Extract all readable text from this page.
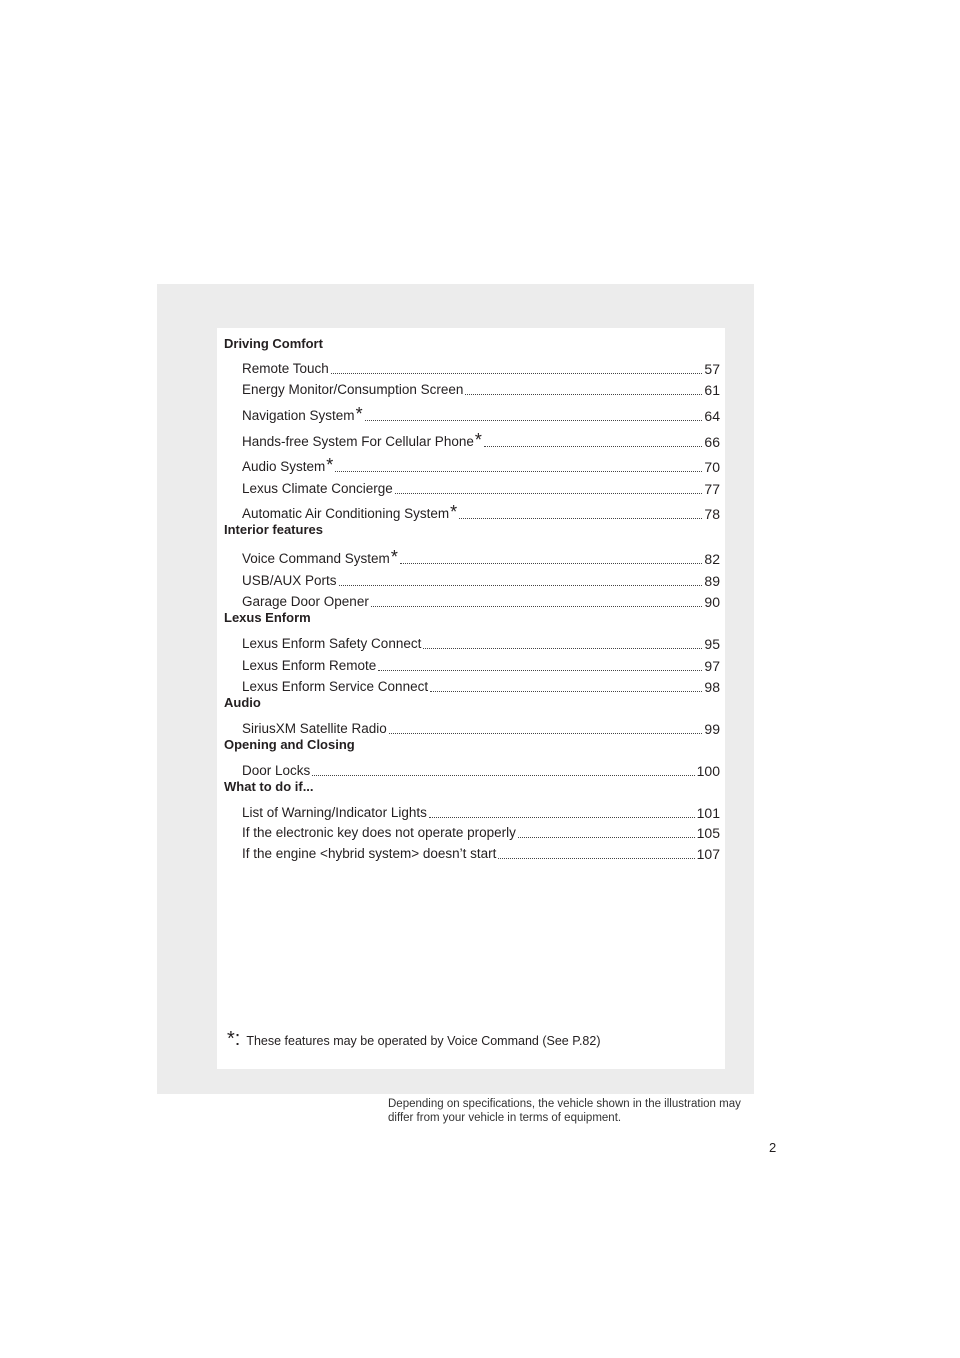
Driving Comfort
Remote Touch	57
Energy Monitor/Consumption Screen	61
Navigation System *	64
Hands-free System For Cellular Phone *	66
Audio System *	70
Lexus Climate Concierge	77
Automatic Air Conditioning System *	78
Interior features
Voice Command System *	82
USB/AUX Ports	89
Garage Door Opener	90
Lexus Enform
Lexus Enform Safety Connect	95
Lexus Enform Remote	97
Lexus Enform Service Connect	98
Audio
SiriusXM Satellite Radio	99
Opening and Closing
Door Locks	100
What to do if...
List of Warning/Indicator Lights	101
If the electronic key does not operate properly	105
If the engine <hybrid system> doesn’t start	107
*: These features may be operated by Voice Command (See P.82)
Depending on specifications, the vehicle shown in the illustration may differ from your vehicle in terms of equipment.
2
